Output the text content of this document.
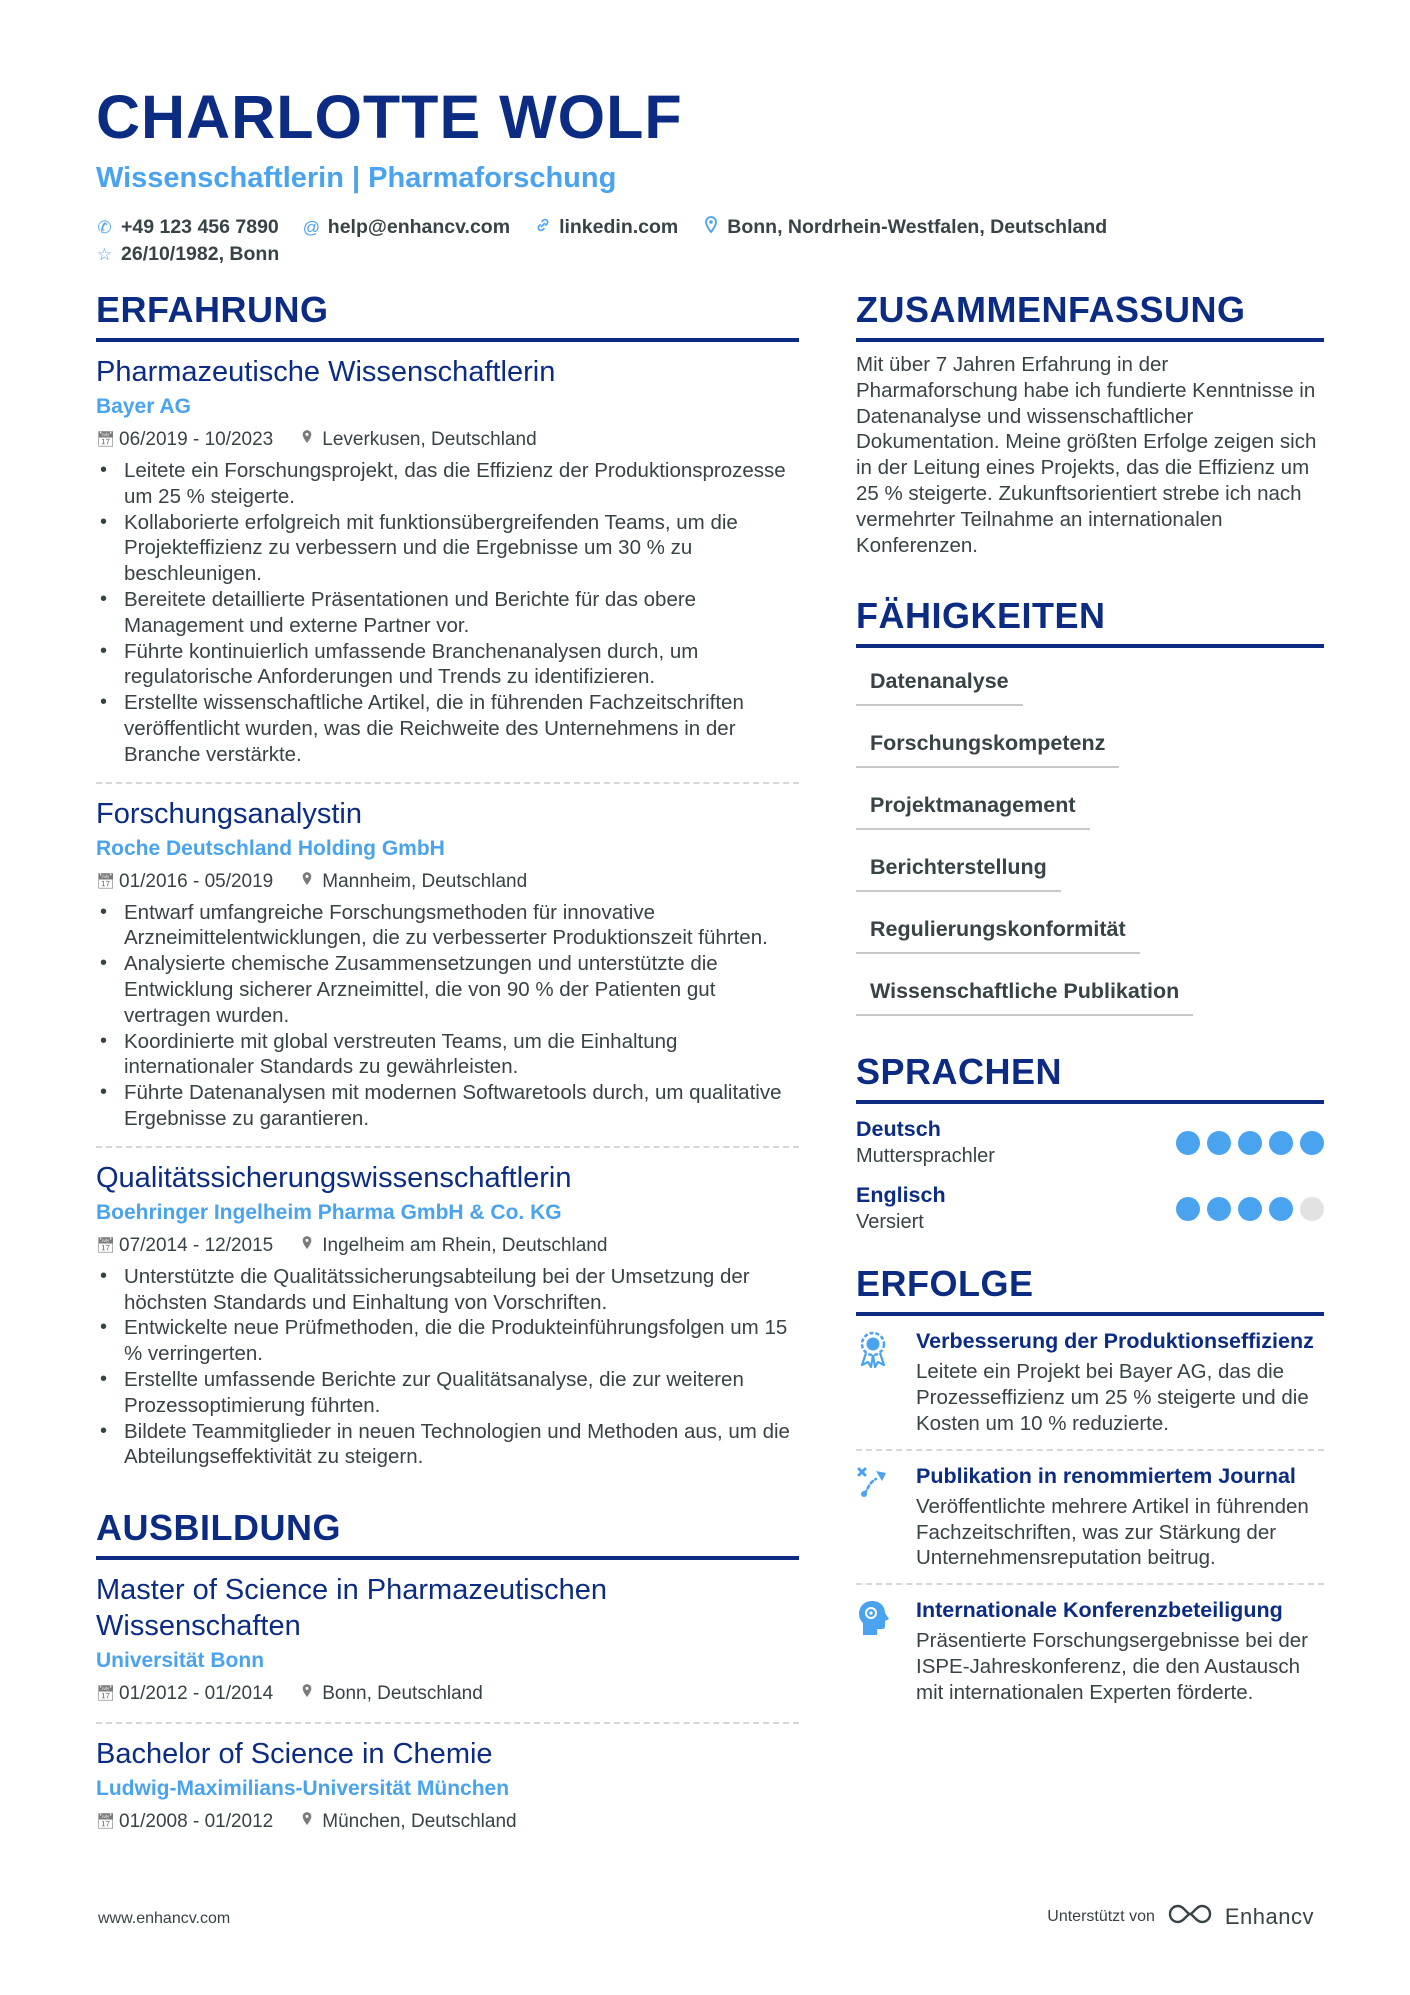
CHARLOTTE WOLF
Wissenschaftlerin | Pharmaforschung
✆ +49 123 456 7890 @ help@enhancv.com	linkedin.com	Bonn, Nordrhein-Westfalen, Deutschland
☆ 26/10/1982, Bonn
ERFAHRUNG
Pharmazeutische Wissenschaftlerin
Bayer AG
📅︎ 06/2019 - 10/2023	Leverkusen, Deutschland
• Leitete ein Forschungsprojekt, das die Effizienz der Produktionsprozesse um 25 % steigerte.
• Kollaborierte erfolgreich mit funktionsübergreifenden Teams, um die Projekteffizienz zu verbessern und die Ergebnisse um 30 % zu beschleunigen.
• Bereitete detaillierte Präsentationen und Berichte für das obere Management und externe Partner vor.
• Führte kontinuierlich umfassende Branchenanalysen durch, um regulatorische Anforderungen und Trends zu identifizieren.
• Erstellte wissenschaftliche Artikel, die in führenden Fachzeitschriften veröffentlicht wurden, was die Reichweite des Unternehmens in der Branche verstärkte.
Forschungsanalystin
Roche Deutschland Holding GmbH
📅︎ 01/2016 - 05/2019	Mannheim, Deutschland
• Entwarf umfangreiche Forschungsmethoden für innovative Arzneimittelentwicklungen, die zu verbesserter Produktionszeit führten.
• Analysierte chemische Zusammensetzungen und unterstützte die Entwicklung sicherer Arzneimittel, die von 90 % der Patienten gut vertragen wurden.
• Koordinierte mit global verstreuten Teams, um die Einhaltung internationaler Standards zu gewährleisten.
• Führte Datenanalysen mit modernen Softwaretools durch, um qualitative Ergebnisse zu garantieren.
Qualitätssicherungswissenschaftlerin
Boehringer Ingelheim Pharma GmbH & Co. KG
📅︎ 07/2014 - 12/2015	Ingelheim am Rhein, Deutschland
• Unterstützte die Qualitätssicherungsabteilung bei der Umsetzung der höchsten Standards und Einhaltung von Vorschriften.
• Entwickelte neue Prüfmethoden, die die Produkteinführungsfolgen um 15 % verringerten.
• Erstellte umfassende Berichte zur Qualitätsanalyse, die zur weiteren Prozessoptimierung führten.
• Bildete Teammitglieder in neuen Technologien und Methoden aus, um die Abteilungseffektivität zu steigern.
AUSBILDUNG
Master of Science in Pharmazeutischen Wissenschaften
Universität Bonn
📅︎ 01/2012 - 01/2014	Bonn, Deutschland
Bachelor of Science in Chemie
Ludwig-Maximilians-Universität München
📅︎ 01/2008 - 01/2012	München, Deutschland
ZUSAMMENFASSUNG
Mit über 7 Jahren Erfahrung in der Pharmaforschung habe ich fundierte Kenntnisse in Datenanalyse und wissenschaftlicher Dokumentation. Meine größten Erfolge zeigen sich in der Leitung eines Projekts, das die Effizienz um 25 % steigerte. Zukunftsorientiert strebe ich nach vermehrter Teilnahme an internationalen Konferenzen.
FÄHIGKEITEN
Datenanalyse
Forschungskompetenz
Projektmanagement
Berichterstellung
Regulierungskonformität
Wissenschaftliche Publikation
SPRACHEN
Deutsch
Muttersprachler
Englisch
Versiert
ERFOLGE
Verbesserung der Produktionseffizienz
Leitete ein Projekt bei Bayer AG, das die Prozesseffizienz um 25 % steigerte und die Kosten um 10 % reduzierte.
Publikation in renommiertem Journal
Veröffentlichte mehrere Artikel in führenden Fachzeitschriften, was zur Stärkung der Unternehmensreputation beitrug.
Internationale Konferenzbeteiligung
Präsentierte Forschungsergebnisse bei der ISPE-Jahreskonferenz, die den Austausch mit internationalen Experten förderte.
www.enhancv.com	Unterstützt von	Enhancv
